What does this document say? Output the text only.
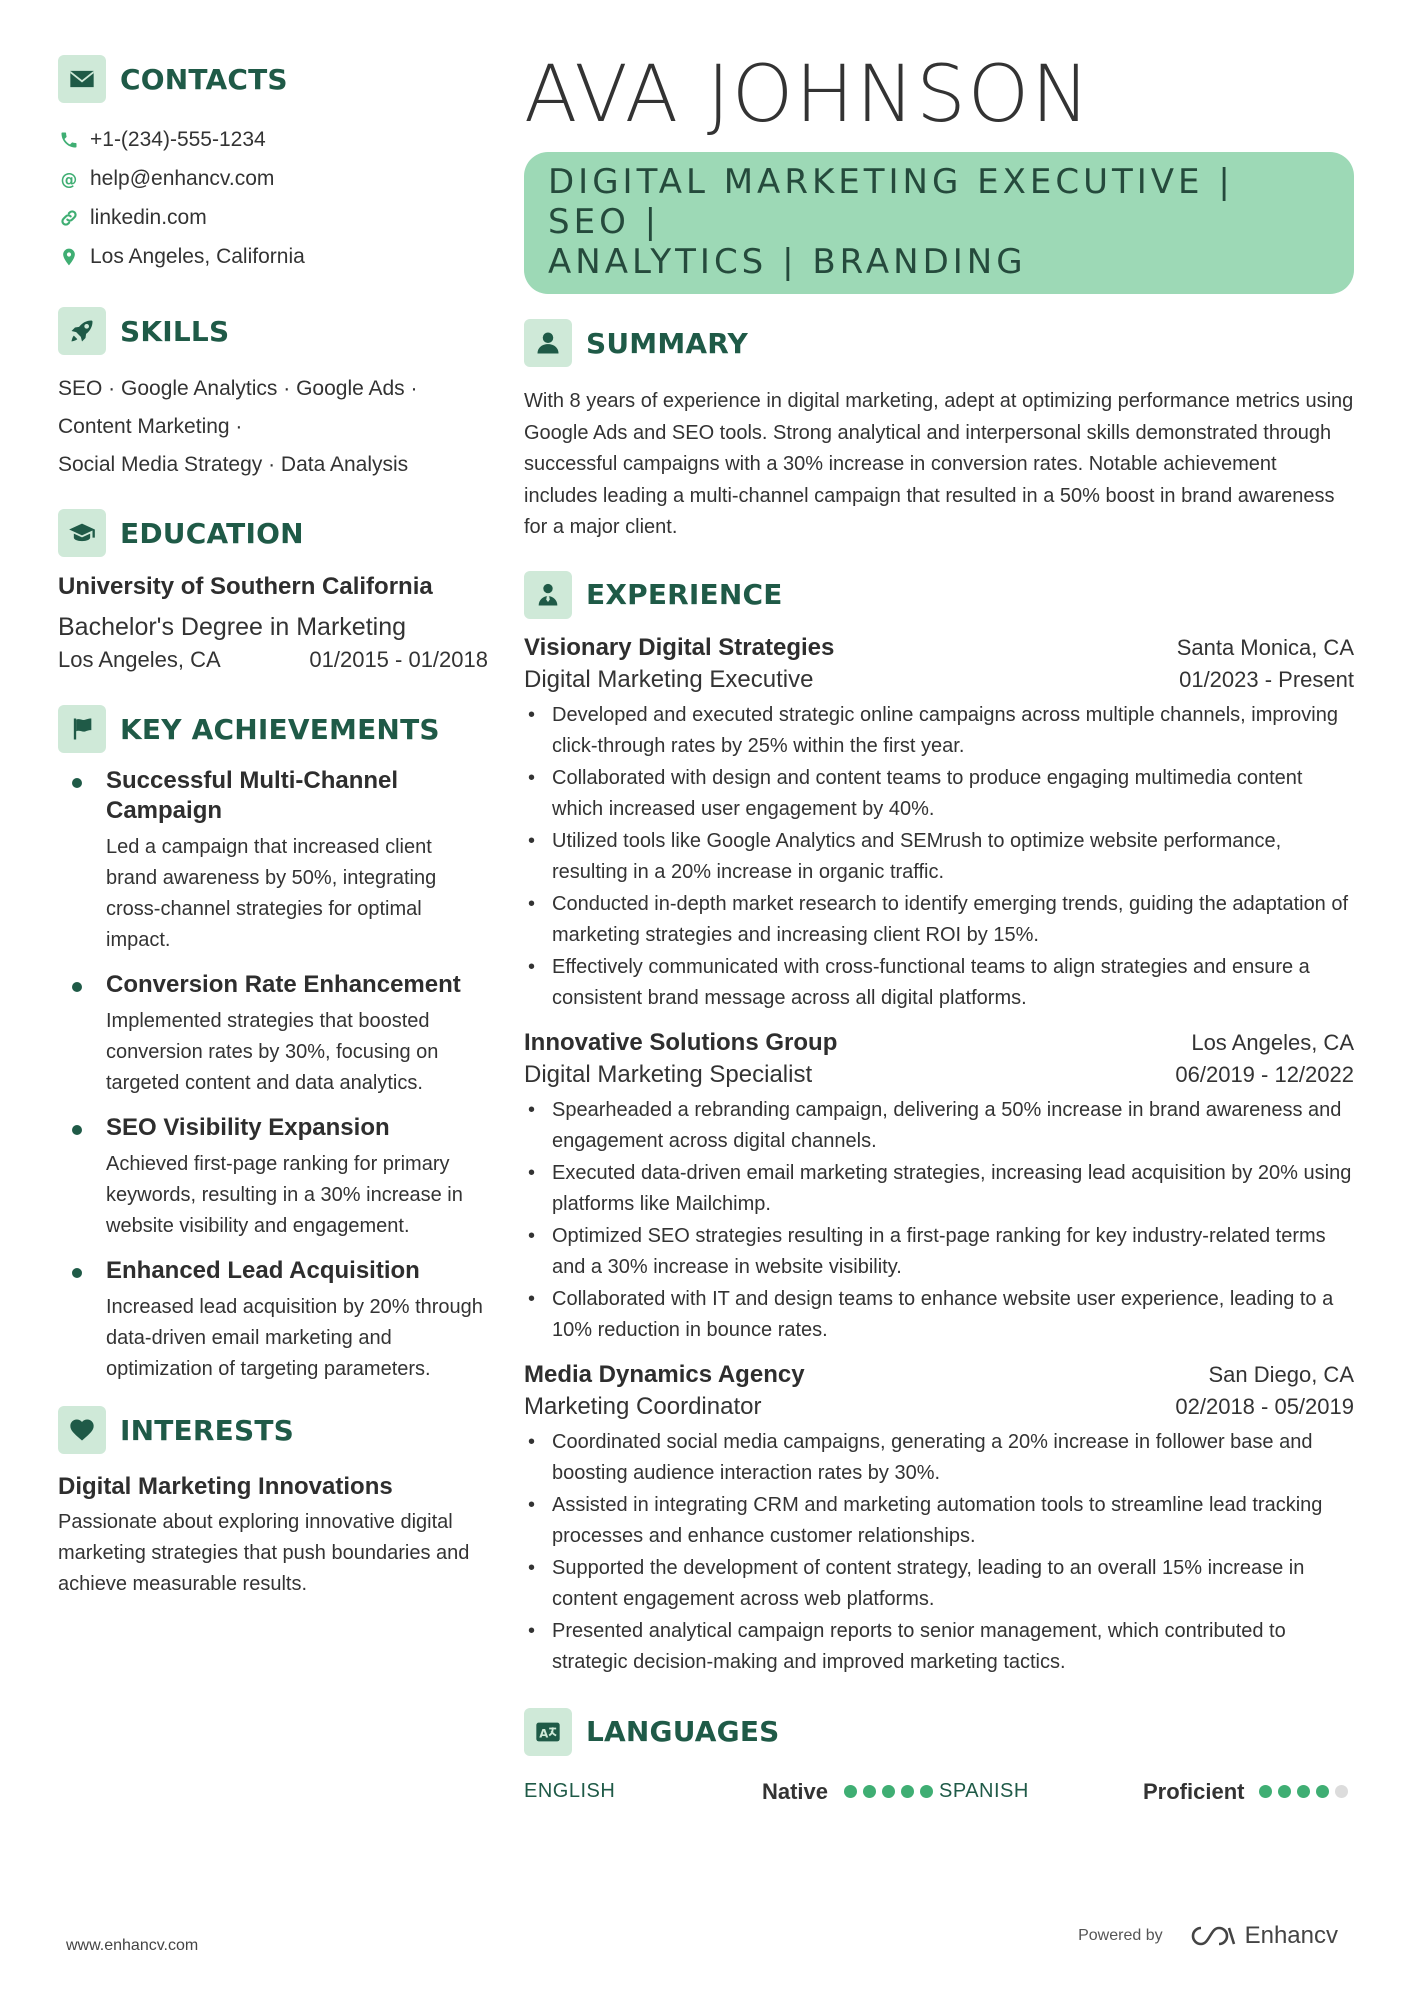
CONTACTS
+1-(234)-555-1234
@ help@enhancv.com
linkedin.com
Los Angeles, California
SKILLS
SEO · Google Analytics · Google Ads ·
Content Marketing ·
Social Media Strategy · Data Analysis
EDUCATION
University of Southern California
Bachelor's Degree in Marketing
Los Angeles, CA	01/2015 - 01/2018
KEY ACHIEVEMENTS
Successful Multi-Channel Campaign
Led a campaign that increased client brand awareness by 50%, integrating cross-channel strategies for optimal impact.
Conversion Rate Enhancement
Implemented strategies that boosted conversion rates by 30%, focusing on targeted content and data analytics.
SEO Visibility Expansion
Achieved first-page ranking for primary keywords, resulting in a 30% increase in website visibility and engagement.
Enhanced Lead Acquisition
Increased lead acquisition by 20% through data-driven email marketing and optimization of targeting parameters.
INTERESTS
Digital Marketing Innovations
Passionate about exploring innovative digital marketing strategies that push boundaries and achieve measurable results.
AVA JOHNSON
DIGITAL MARKETING EXECUTIVE | SEO |
ANALYTICS | BRANDING
SUMMARY
With 8 years of experience in digital marketing, adept at optimizing performance metrics using Google Ads and SEO tools. Strong analytical and interpersonal skills demonstrated through successful campaigns with a 30% increase in conversion rates. Notable achievement includes leading a multi-channel campaign that resulted in a 50% boost in brand awareness for a major client.
EXPERIENCE
Visionary Digital Strategies	Santa Monica, CA
Digital Marketing Executive	01/2023 - Present
• Developed and executed strategic online campaigns across multiple channels, improving click-through rates by 25% within the first year.
• Collaborated with design and content teams to produce engaging multimedia content which increased user engagement by 40%.
• Utilized tools like Google Analytics and SEMrush to optimize website performance, resulting in a 20% increase in organic traffic.
• Conducted in-depth market research to identify emerging trends, guiding the adaptation of marketing strategies and increasing client ROI by 15%.
• Effectively communicated with cross-functional teams to align strategies and ensure a consistent brand message across all digital platforms.
Innovative Solutions Group	Los Angeles, CA
Digital Marketing Specialist	06/2019 - 12/2022
• Spearheaded a rebranding campaign, delivering a 50% increase in brand awareness and engagement across digital channels.
• Executed data-driven email marketing strategies, increasing lead acquisition by 20% using platforms like Mailchimp.
• Optimized SEO strategies resulting in a first-page ranking for key industry-related terms and a 30% increase in website visibility.
• Collaborated with IT and design teams to enhance website user experience, leading to a 10% reduction in bounce rates.
Media Dynamics Agency	San Diego, CA
Marketing Coordinator	02/2018 - 05/2019
• Coordinated social media campaigns, generating a 20% increase in follower base and boosting audience interaction rates by 30%.
• Assisted in integrating CRM and marketing automation tools to streamline lead tracking processes and enhance customer relationships.
• Supported the development of content strategy, leading to an overall 15% increase in content engagement across web platforms.
• Presented analytical campaign reports to senior management, which contributed to strategic decision-making and improved marketing tactics.
A LANGUAGES
ENGLISH	Native	SPANISH	Proficient
www.enhancv.com
Powered by	Enhancv
